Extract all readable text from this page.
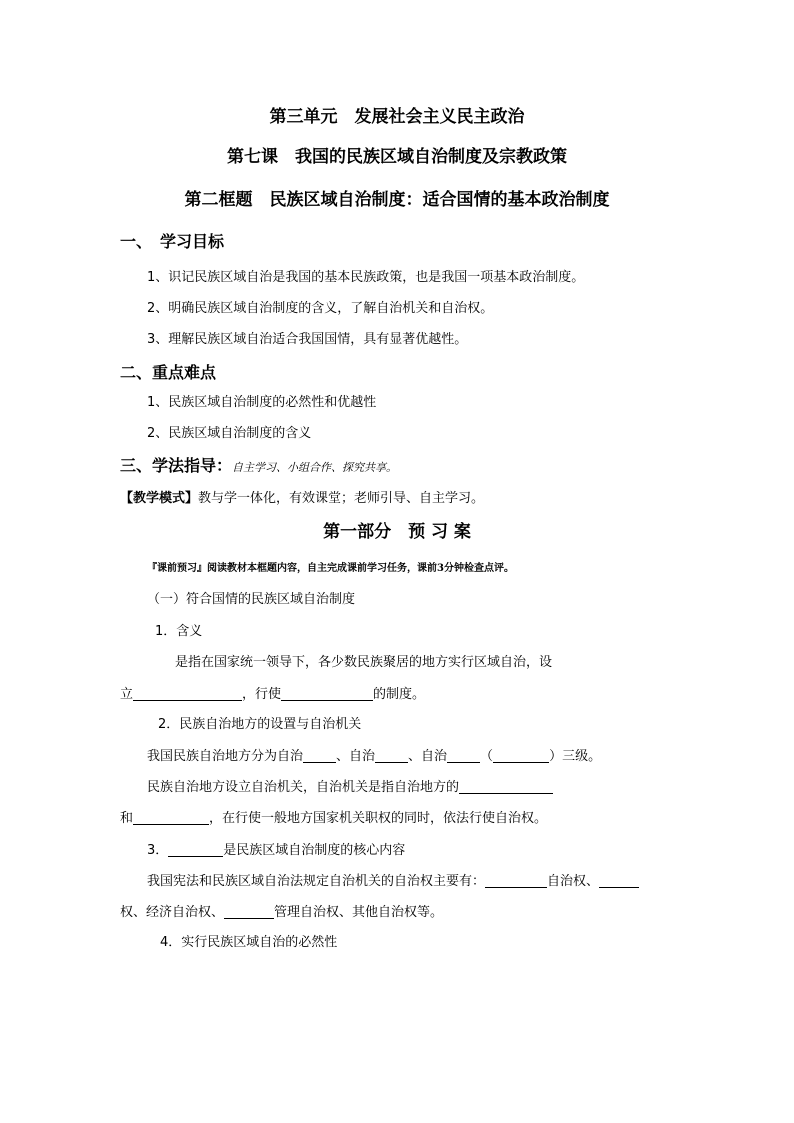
第三单元　发展社会主义民主政治
第七课　我国的民族区域自治制度及宗教政策
第二框题　民族区域自治制度：适合国情的基本政治制度
一、　学习目标
1、识记民族区域自治是我国的基本民族政策，也是我国一项基本政治制度。
2、明确民族区域自治制度的含义，了解自治机关和自治权。
3、理解民族区域自治适合我国国情，具有显著优越性。
二、重点难点
1、民族区域自治制度的必然性和优越性
2、民族区域自治制度的含义
三、学法指导：自主学习、小组合作、探究共享。
【教学模式】教与学一体化，有效课堂；老师引导、自主学习。
第一部分　预 习 案
『课前预习』阅读教材本框题内容，自主完成课前学习任务，课前3分钟检查点评。
（一）符合国情的民族区域自治制度
1．含义
是指在国家统一领导下，各少数民族聚居的地方实行区域自治，设
立	，行使	的制度。
2．民族自治地方的设置与自治机关
我国民族自治地方分为自治	、自治	、自治	（	）三级。
民族自治地方设立自治机关，自治机关是指自治地方的
和	，在行使一般地方国家机关职权的同时，依法行使自治权。
3．	是民族区域自治制度的核心内容
我国宪法和民族区域自治法规定自治机关的自治权主要有：	自治权、
权、经济自治权、	管理自治权、其他自治权等。
4．实行民族区域自治的必然性
